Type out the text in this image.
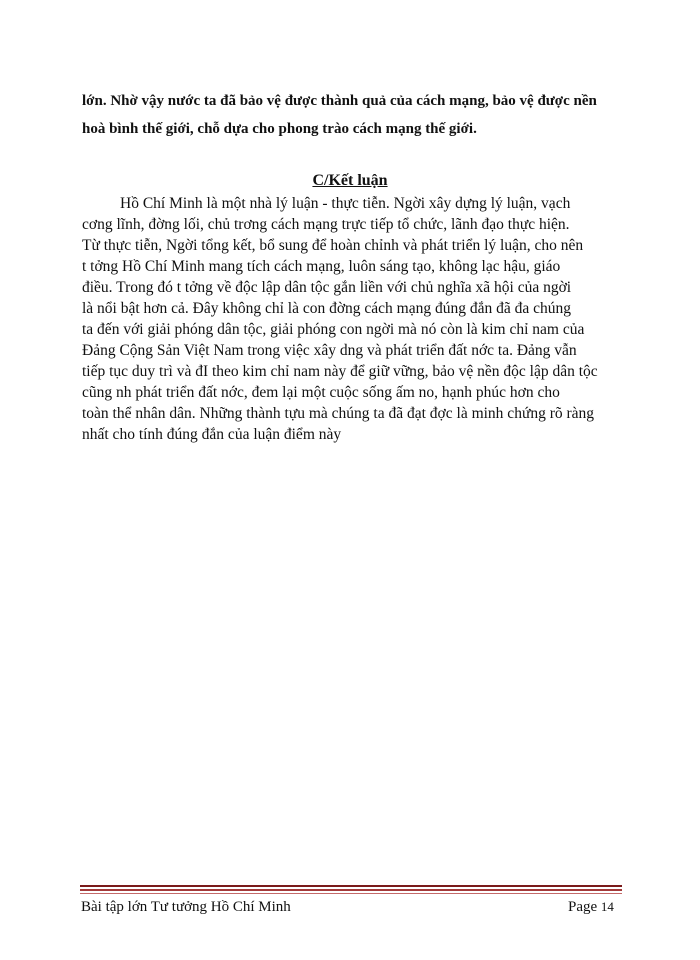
lớn. Nhờ vậy nước ta đã bảo vệ được thành quả của cách mạng, bảo vệ được nền
hoà bình thế giới, chỗ dựa cho phong trào cách mạng thế giới.
C/Kết luận
Hồ Chí Minh là một nhà lý luận - thực tiễn. Ngời xây dựng lý luận, vạch
cơng lĩnh, đờng lối, chủ trơng cách mạng trực tiếp tổ chức, lãnh đạo thực hiện.
Từ thực tiễn, Ngời tổng kết, bổ sung để hoàn chỉnh và phát triển lý luận, cho nên
t tởng Hồ Chí Minh mang tích cách mạng, luôn sáng tạo, không lạc hậu, giáo
điều. Trong đó t tởng về độc lập dân tộc gắn liền với chủ nghĩa xã hội của ngời
là nổi bật hơn cả. Đây không chỉ là con đờng cách mạng đúng đắn đã đa chúng
ta đến với giải phóng dân tộc, giải phóng con ngời mà nó còn là kim chỉ nam của
Đảng Cộng Sản Việt Nam trong việc xây dng và phát triển đất nớc ta. Đảng vẫn
tiếp tục duy trì và đI theo kim chỉ nam này để giữ vững, bảo vệ nền độc lập dân tộc
cũng nh phát triển đất nớc, đem lại một cuộc sống ấm no, hạnh phúc hơn cho
toàn thể nhân dân. Những thành tựu mà chúng ta đã đạt đợc là minh chứng rõ ràng
nhất cho tính đúng đắn của luận điểm này
Bài tập lớn Tư tưởng Hồ Chí Minh	Page 14
